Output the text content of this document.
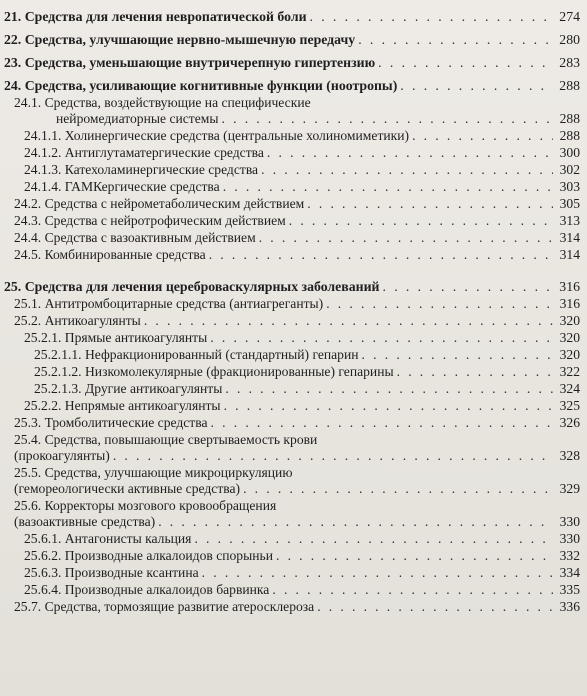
21. Средства для лечения невропатической боли . . .	274
22. Средства, улучшающие нервно-мышечную передачу . . .	280
23. Средства, уменьшающие внутричерепную гипертензию . . .	283
24. Средства, усиливающие когнитивные функции (ноотропы) . . .	288
24.1. Средства, воздействующие на специфические
нейромедиаторные системы . . .	288
24.1.1. Холинергические средства (центральные холиномиметики) . . .	288
24.1.2. Антиглутаматергические средства . . .	300
24.1.3. Катехоламинергические средства . . .	302
24.1.4. ГАМКергические средства . . .	303
24.2. Средства с нейрометаболическим действием . . .	305
24.3. Средства с нейротрофическим действием . . .	313
24.4. Средства с вазоактивным действием . . .	314
24.5. Комбинированные средства . . .	314
25. Средства для лечения цереброваскулярных заболеваний . . .	316
25.1. Антитромбоцитарные средства (антиагреганты) . . .	316
25.2. Антикоагулянты . . .	320
25.2.1. Прямые антикоагулянты . . .	320
25.2.1.1. Нефракционированный (стандартный) гепарин . . .	320
25.2.1.2. Низкомолекулярные (фракционированные) гепарины . . .	322
25.2.1.3. Другие антикоагулянты . . .	324
25.2.2. Непрямые антикоагулянты . . .	325
25.3. Тромболитические средства . . .	326
25.4. Средства, повышающие свертываемость крови
(прокоагулянты) . . .	328
25.5. Средства, улучшающие микроциркуляцию
(гемореологически активные средства) . . .	329
25.6. Корректоры мозгового кровообращения
(вазоактивные средства) . . .	330
25.6.1. Антагонисты кальция . . .	330
25.6.2. Производные алкалоидов спорыньи . . .	332
25.6.3. Производные ксантина . . .	334
25.6.4. Производные алкалоидов барвинка . . .	335
25.7. Средства, тормозящие развитие атеросклероза . . .	336
